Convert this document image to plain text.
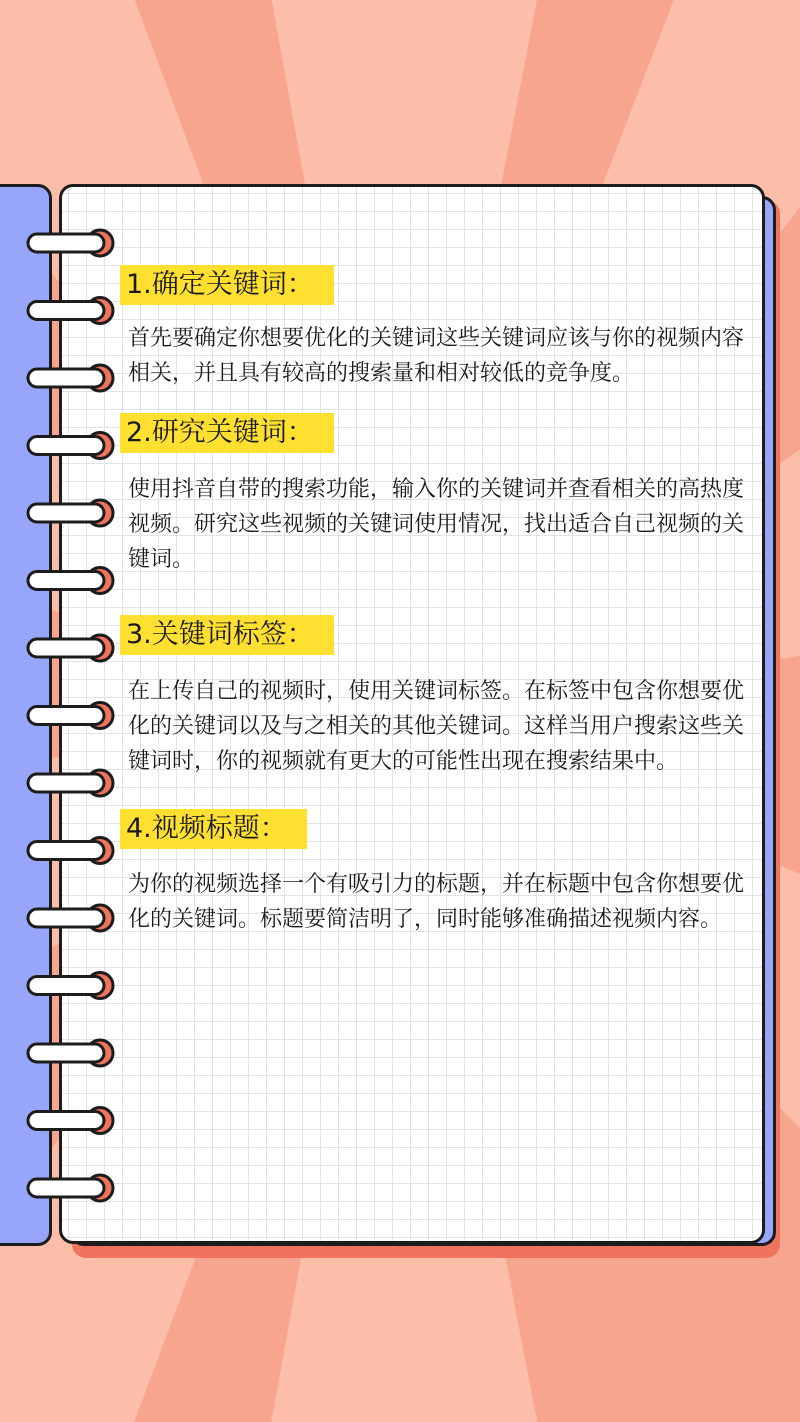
1.确定关键词：

首先要确定你想要优化的关键词这些关键词应该与你的视频内容相关，并且具有较高的搜索量和相对较低的竞争度。

2.研究关键词：

使用抖音自带的搜索功能，输入你的关键词并查看相关的高热度视频。研究这些视频的关键词使用情况，找出适合自己视频的关键词。

3.关键词标签：

在上传自己的视频时，使用关键词标签。在标签中包含你想要优化的关键词以及与之相关的其他关键词。这样当用户搜索这些关键词时，你的视频就有更大的可能性出现在搜索结果中。

4.视频标题：

为你的视频选择一个有吸引力的标题，并在标题中包含你想要优化的关键词。标题要简洁明了，同时能够准确描述视频内容。
